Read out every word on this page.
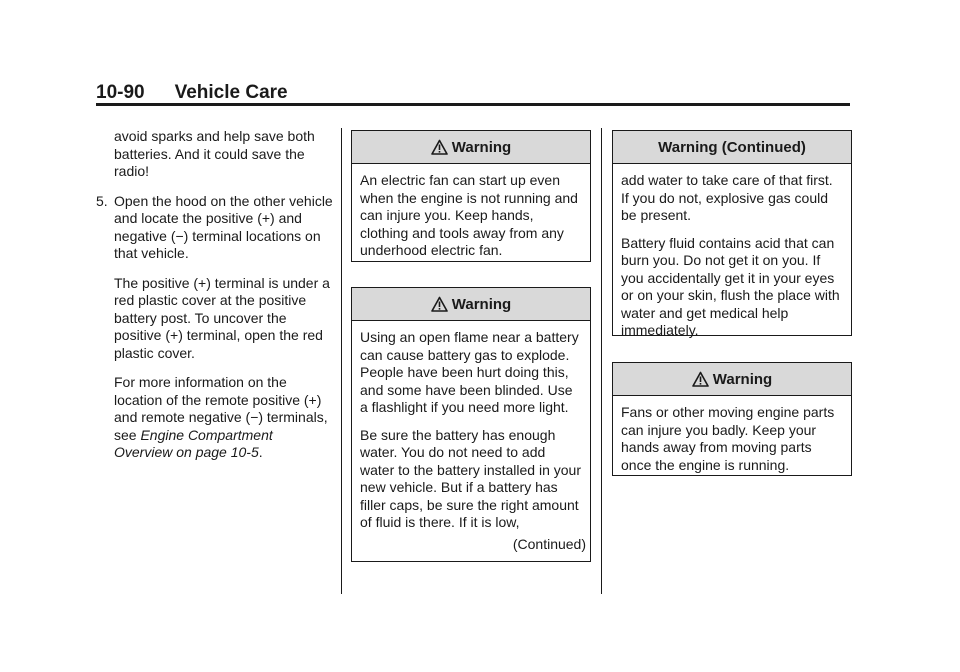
10-90 Vehicle Care

avoid sparks and help save both batteries. And it could save the radio!

5. Open the hood on the other vehicle and locate the positive (+) and negative (−) terminal locations on that vehicle.

The positive (+) terminal is under a red plastic cover at the positive battery post. To uncover the positive (+) terminal, open the red plastic cover.

For more information on the location of the remote positive (+) and remote negative (−) terminals, see Engine Compartment Overview on page 10-5.

Warning

An electric fan can start up even when the engine is not running and can injure you. Keep hands, clothing and tools away from any underhood electric fan.

Warning

Using an open flame near a battery can cause battery gas to explode. People have been hurt doing this, and some have been blinded. Use a flashlight if you need more light.

Be sure the battery has enough water. You do not need to add water to the battery installed in your new vehicle. But if a battery has filler caps, be sure the right amount of fluid is there. If it is low,

(Continued)
Warning (Continued)

add water to take care of that first. If you do not, explosive gas could be present.

Battery fluid contains acid that can burn you. Do not get it on you. If you accidentally get it in your eyes or on your skin, flush the place with water and get medical help immediately.

Warning

Fans or other moving engine parts can injure you badly. Keep your hands away from moving parts once the engine is running.
